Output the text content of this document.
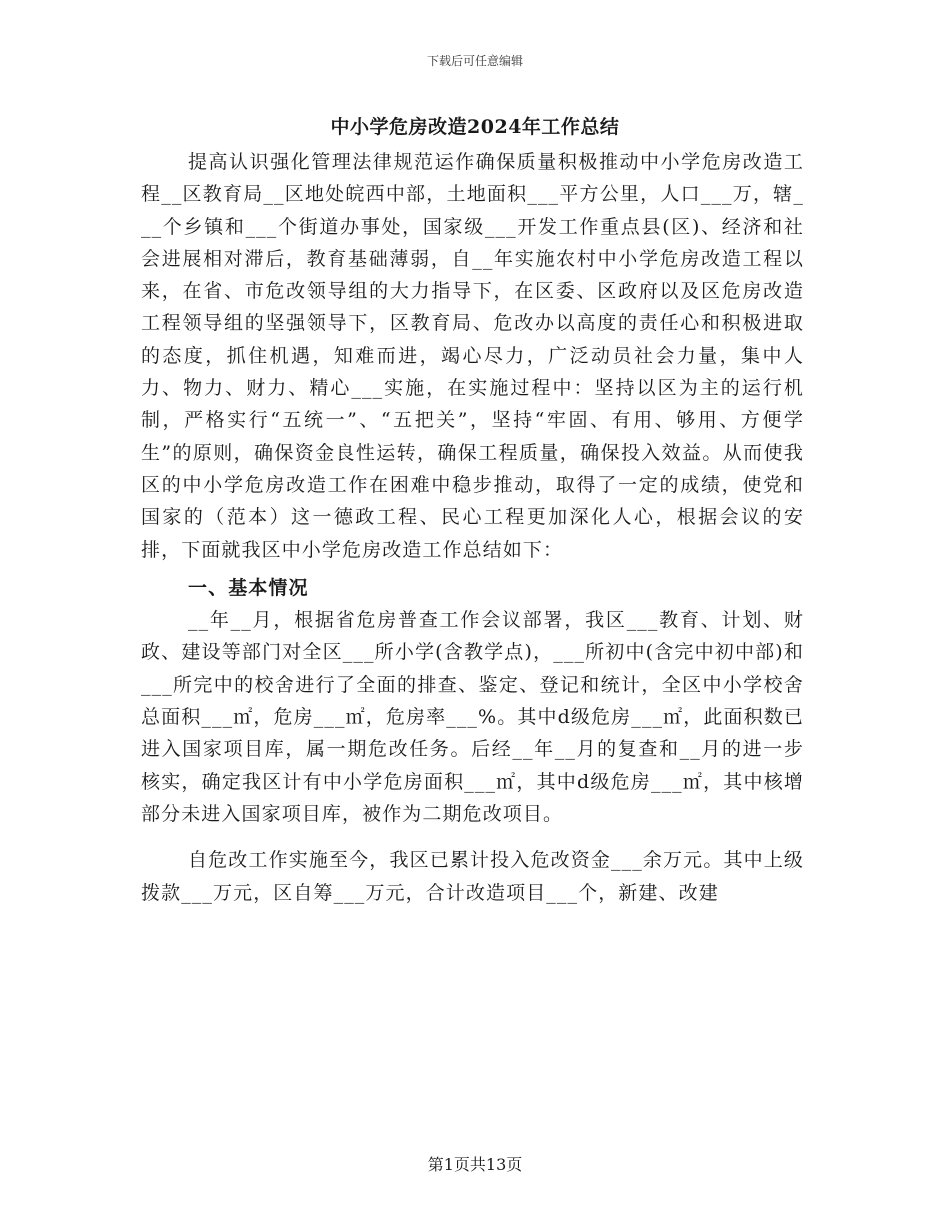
下载后可任意编辑
中小学危房改造2024年工作总结

提高认识强化管理法律规范运作确保质量积极推动中小学危房改造工程__区教育局__区地处皖西中部，土地面积___平方公里，人口___万，辖___个乡镇和___个街道办事处，国家级___开发工作重点县(区)、经济和社会进展相对滞后，教育基础薄弱，自__年实施农村中小学危房改造工程以来，在省、市危改领导组的大力指导下，在区委、区政府以及区危房改造工程领导组的坚强领导下，区教育局、危改办以高度的责任心和积极进取的态度，抓住机遇，知难而进，竭心尽力，广泛动员社会力量，集中人力、物力、财力、精心___实施，在实施过程中：坚持以区为主的运行机制，严格实行“五统一”、“五把关”，坚持“牢固、有用、够用、方便学生”的原则，确保资金良性运转，确保工程质量，确保投入效益。从而使我区的中小学危房改造工作在困难中稳步推动，取得了一定的成绩，使党和国家的（范本）这一德政工程、民心工程更加深化人心，根据会议的安排，下面就我区中小学危房改造工作总结如下：

一、基本情况

__年__月，根据省危房普查工作会议部署，我区___教育、计划、财政、建设等部门对全区___所小学(含教学点)，___所初中(含完中初中部)和___所完中的校舍进行了全面的排查、鉴定、登记和统计，全区中小学校舍总面积___㎡，危房___㎡，危房率___%。其中d级危房___㎡，此面积数已进入国家项目库，属一期危改任务。后经__年__月的复查和__月的进一步核实，确定我区计有中小学危房面积___㎡，其中d级危房___㎡，其中核增部分未进入国家项目库，被作为二期危改项目。

自危改工作实施至今，我区已累计投入危改资金___余万元。其中上级拨款___万元，区自筹___万元，合计改造项目___个，新建、改建

第1页共13页
